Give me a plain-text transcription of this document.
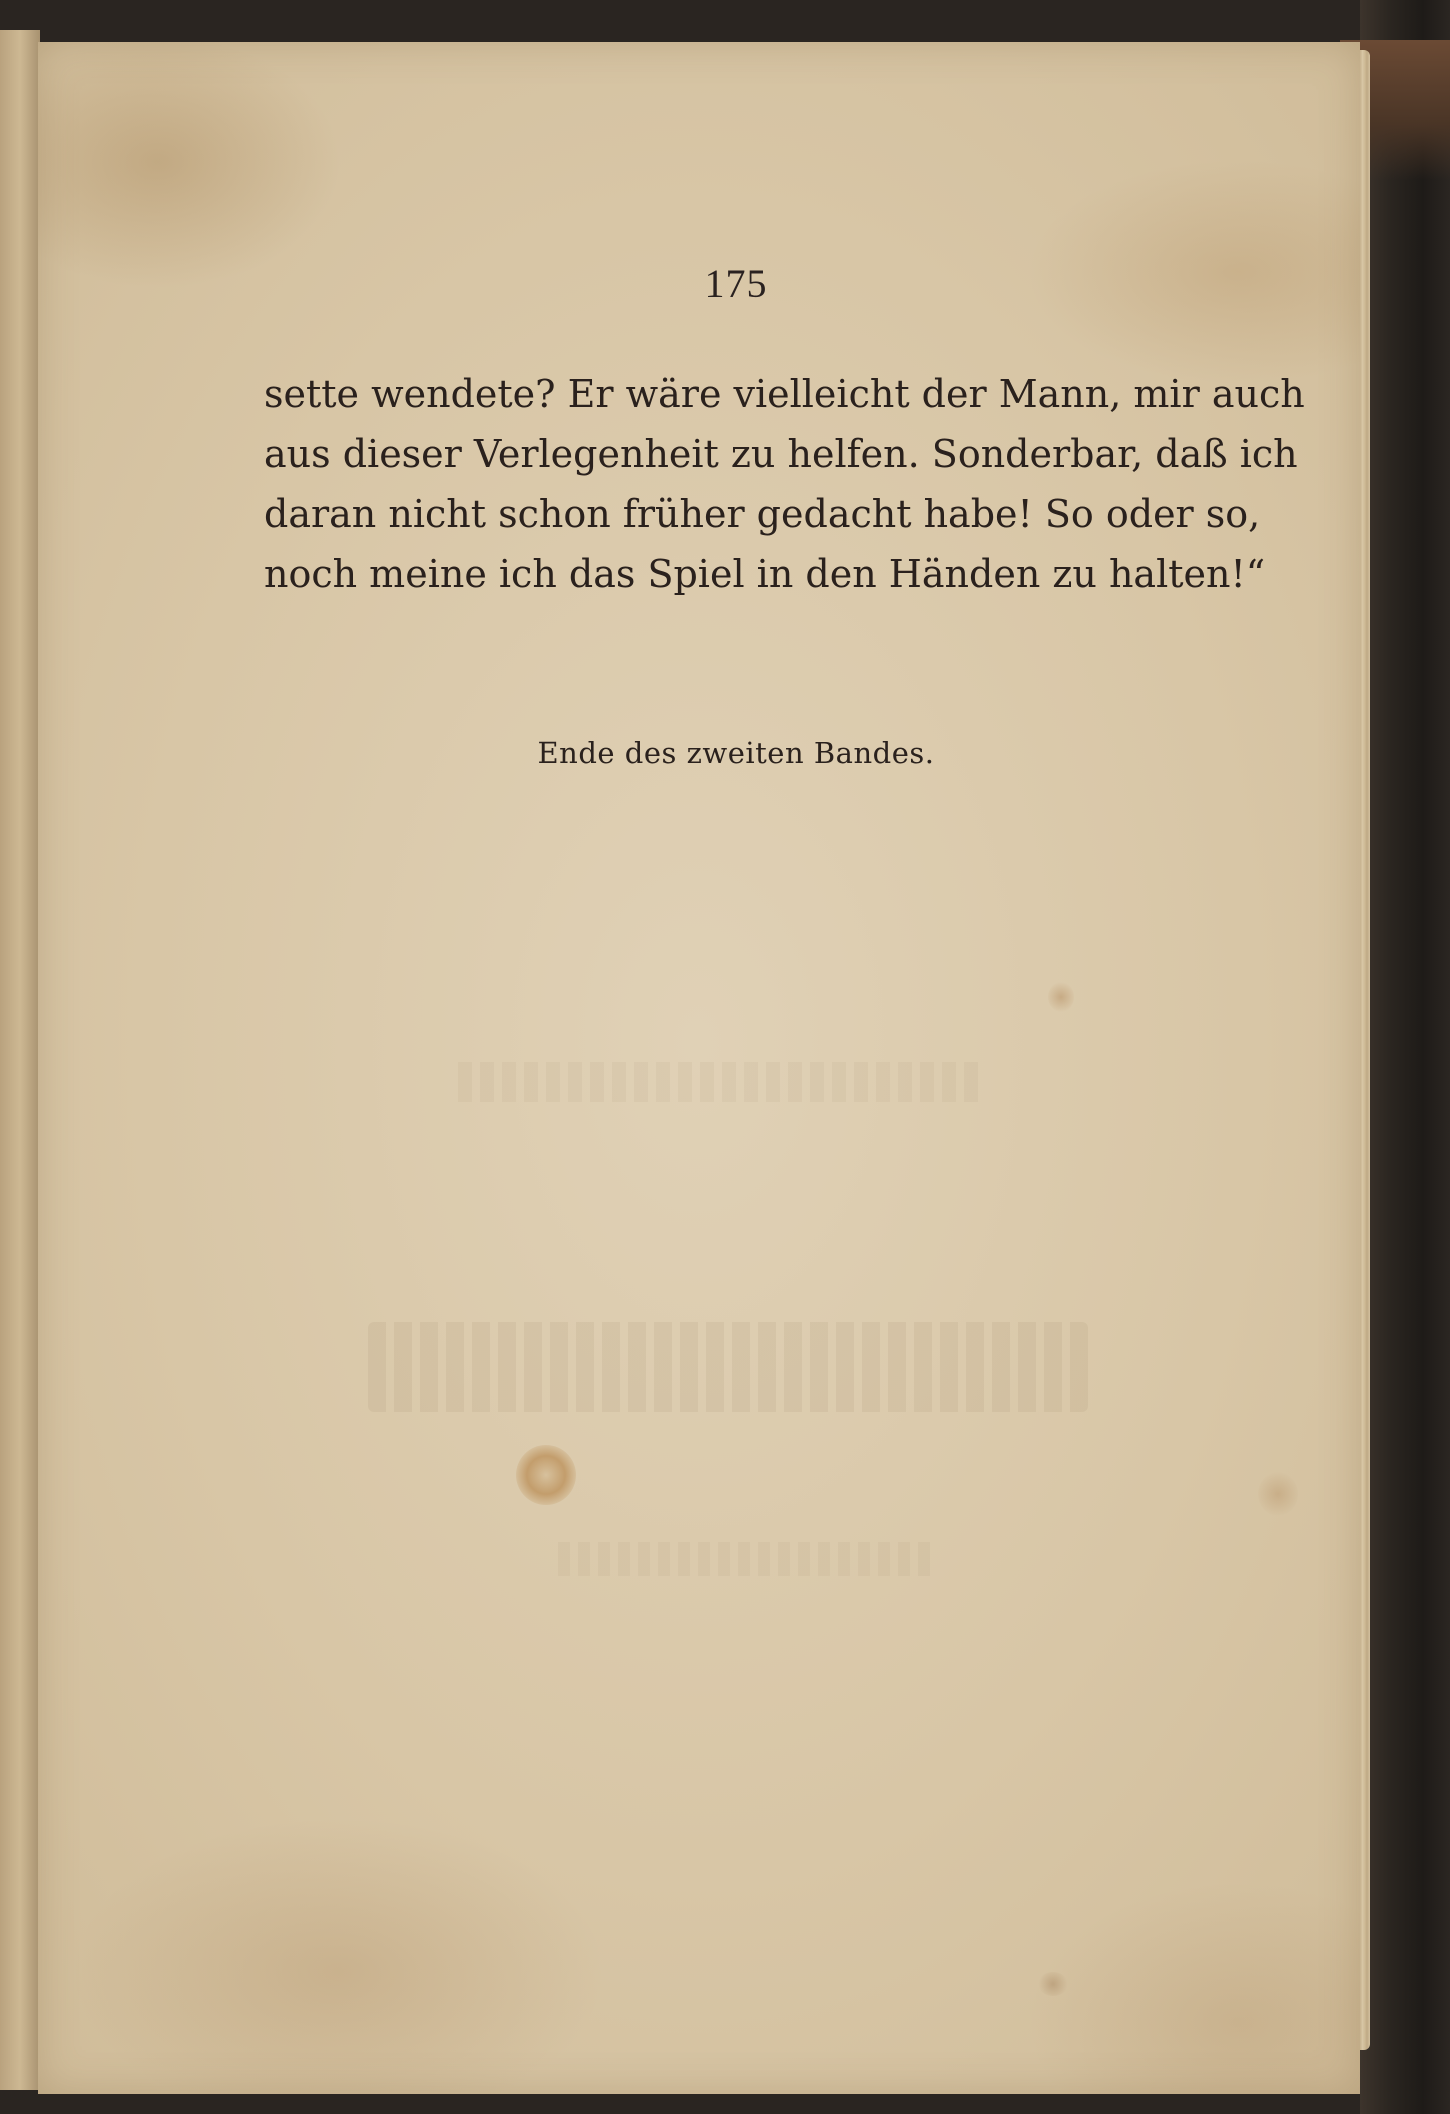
175
sette wendete? Er wäre vielleicht der Mann, mir auch
aus dieser Verlegenheit zu helfen. Sonderbar, daß ich
daran nicht schon früher gedacht habe! So oder so,
noch meine ich das Spiel in den Händen zu halten!“
Ende des zweiten Bandes.
